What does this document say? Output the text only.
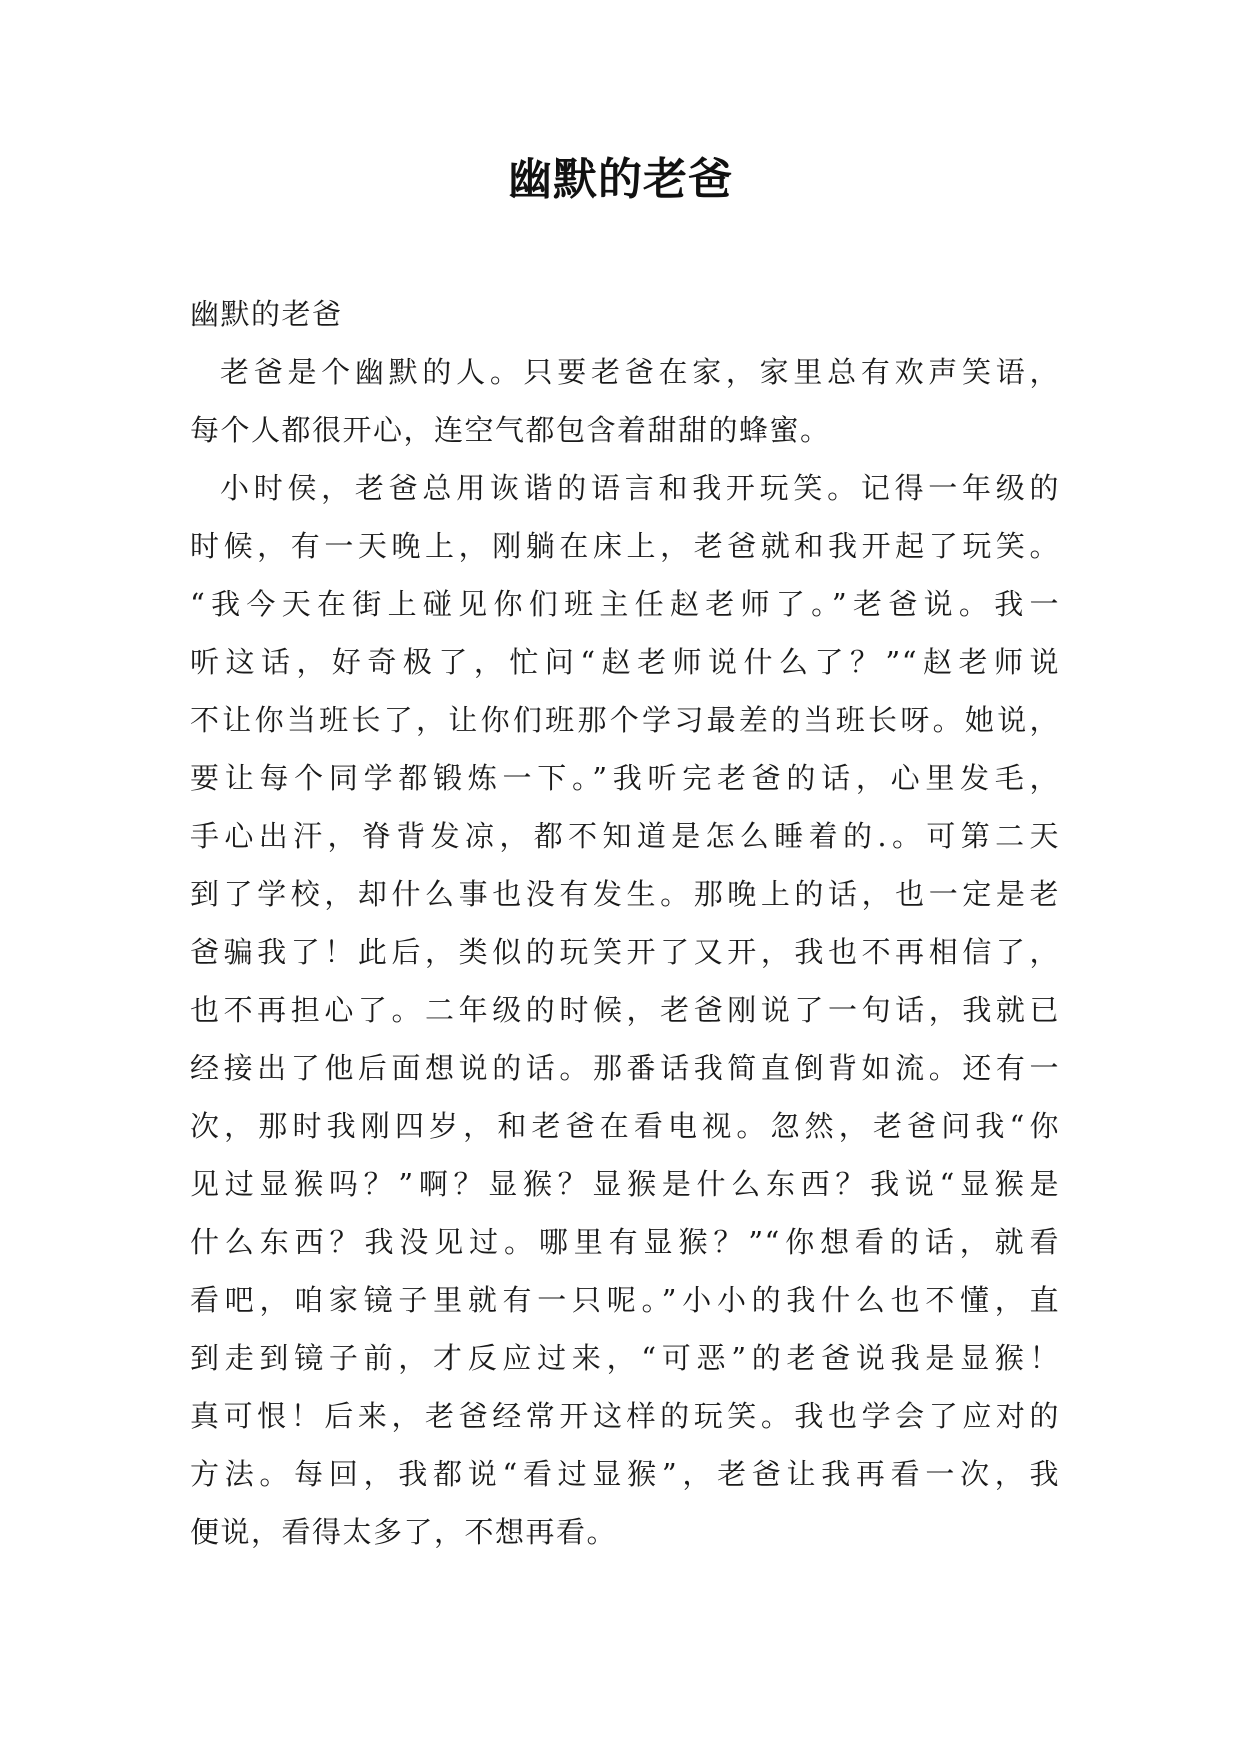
幽默的老爸
幽默的老爸
老爸是个幽默的人。只要老爸在家，家里总有欢声笑语，
每个人都很开心，连空气都包含着甜甜的蜂蜜。
小时侯，老爸总用诙谐的语言和我开玩笑。记得一年级的
时候，有一天晚上，刚躺在床上，老爸就和我开起了玩笑。
“我今天在街上碰见你们班主任赵老师了。”老爸说。我一
听这话，好奇极了，忙问“赵老师说什么了？”“赵老师说
不让你当班长了，让你们班那个学习最差的当班长呀。她说，
要让每个同学都锻炼一下。”我听完老爸的话，心里发毛，
手心出汗，脊背发凉，都不知道是怎么睡着的.。可第二天
到了学校，却什么事也没有发生。那晚上的话，也一定是老
爸骗我了！此后，类似的玩笑开了又开，我也不再相信了，
也不再担心了。二年级的时候，老爸刚说了一句话，我就已
经接出了他后面想说的话。那番话我简直倒背如流。还有一
次，那时我刚四岁，和老爸在看电视。忽然，老爸问我“你
见过显猴吗？”啊？显猴？显猴是什么东西？我说“显猴是
什么东西？我没见过。哪里有显猴？”“你想看的话，就看
看吧，咱家镜子里就有一只呢。”小小的我什么也不懂，直
到走到镜子前，才反应过来，“可恶”的老爸说我是显猴！
真可恨！后来，老爸经常开这样的玩笑。我也学会了应对的
方法。每回，我都说“看过显猴”，老爸让我再看一次，我
便说，看得太多了，不想再看。
